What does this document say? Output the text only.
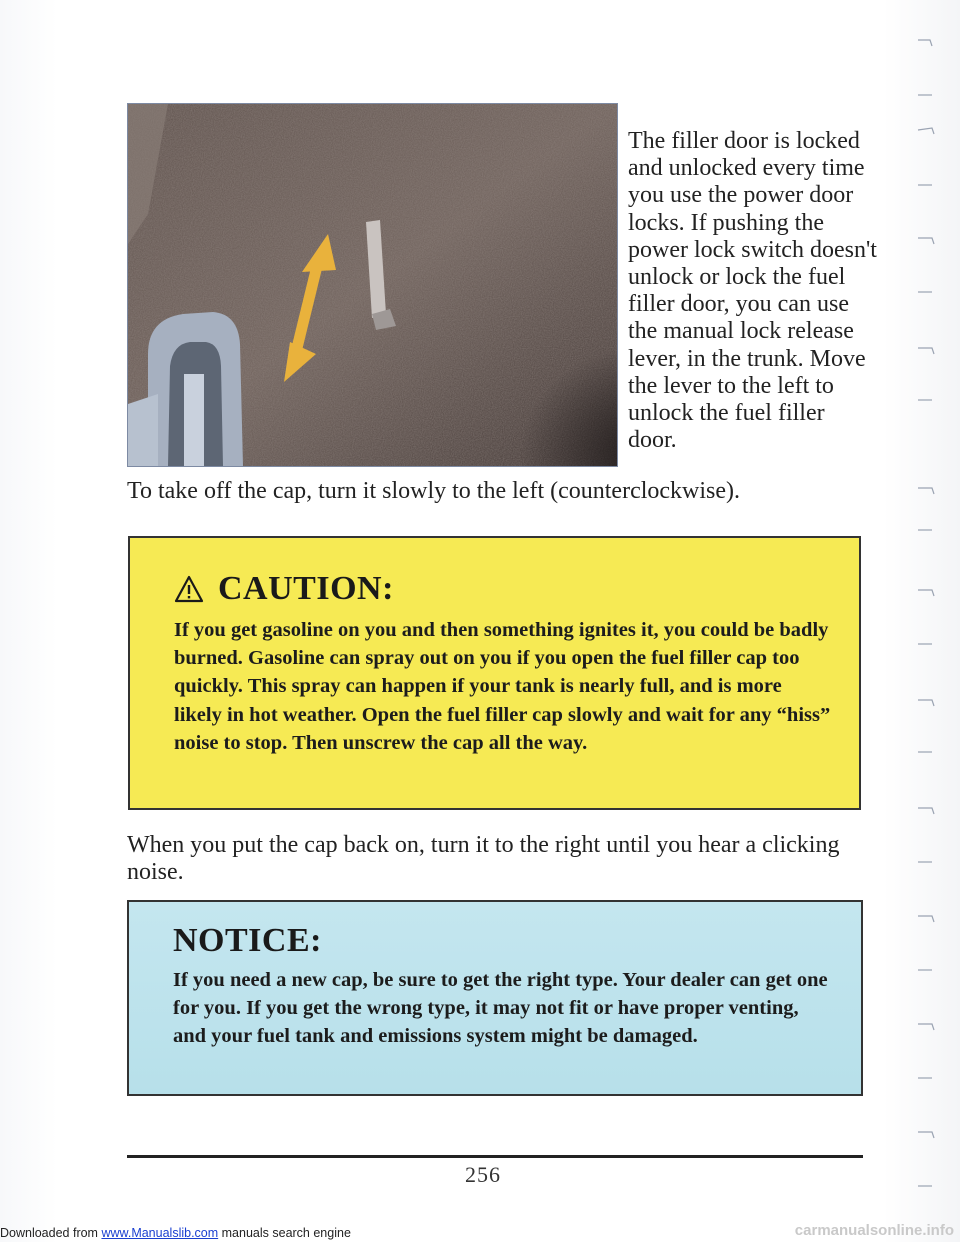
The filler door is locked and unlocked every time you use the power door locks. If pushing the power lock switch doesn't unlock or lock the fuel filler door, you can use the manual lock release lever, in the trunk. Move the lever to the left to unlock the fuel filler door.

To take off the cap, turn it slowly to the left (counterclockwise).

CAUTION:

If you get gasoline on you and then something ignites it, you could be badly burned. Gasoline can spray out on you if you open the fuel filler cap too quickly. This spray can happen if your tank is nearly full, and is more likely in hot weather. Open the fuel filler cap slowly and wait for any “hiss” noise to stop. Then unscrew the cap all the way.

When you put the cap back on, turn it to the right until you hear a clicking noise.

NOTICE:

If you need a new cap, be sure to get the right type. Your dealer can get one for you. If you get the wrong type, it may not fit or have proper venting, and your fuel tank and emissions system might be damaged.

256
Downloaded from www.Manualslib.com manuals search engine	carmanualsonline.info
